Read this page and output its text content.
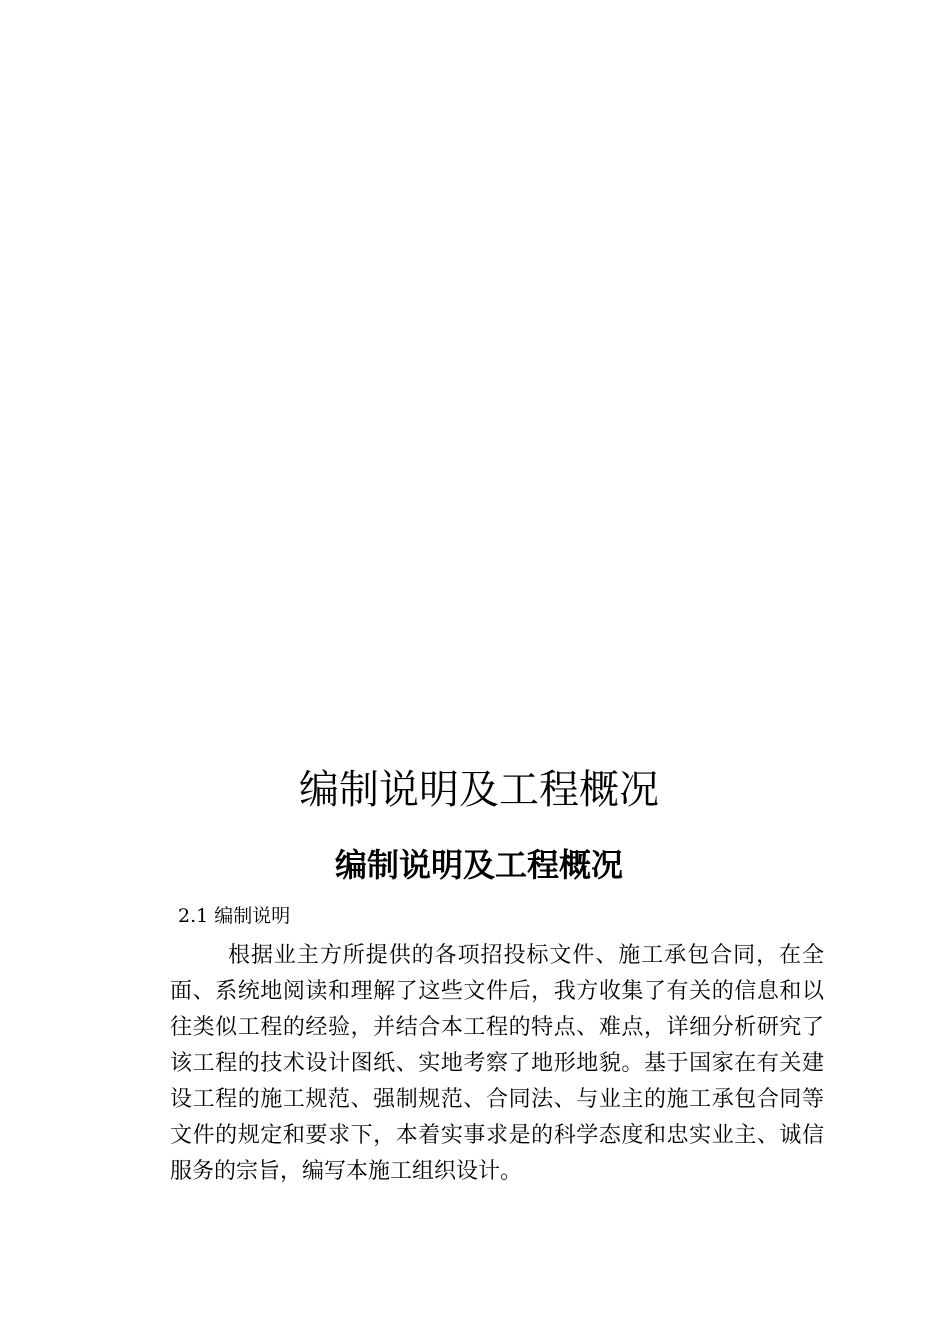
编制说明及工程概况
编制说明及工程概况
2.1 编制说明
根据业主方所提供的各项招投标文件、施工承包合同，在全
面、系统地阅读和理解了这些文件后，我方收集了有关的信息和以
往类似工程的经验，并结合本工程的特点、难点，详细分析研究了
该工程的技术设计图纸、实地考察了地形地貌。基于国家在有关建
设工程的施工规范、强制规范、合同法、与业主的施工承包合同等
文件的规定和要求下，本着实事求是的科学态度和忠实业主、诚信
服务的宗旨，编写本施工组织设计。
